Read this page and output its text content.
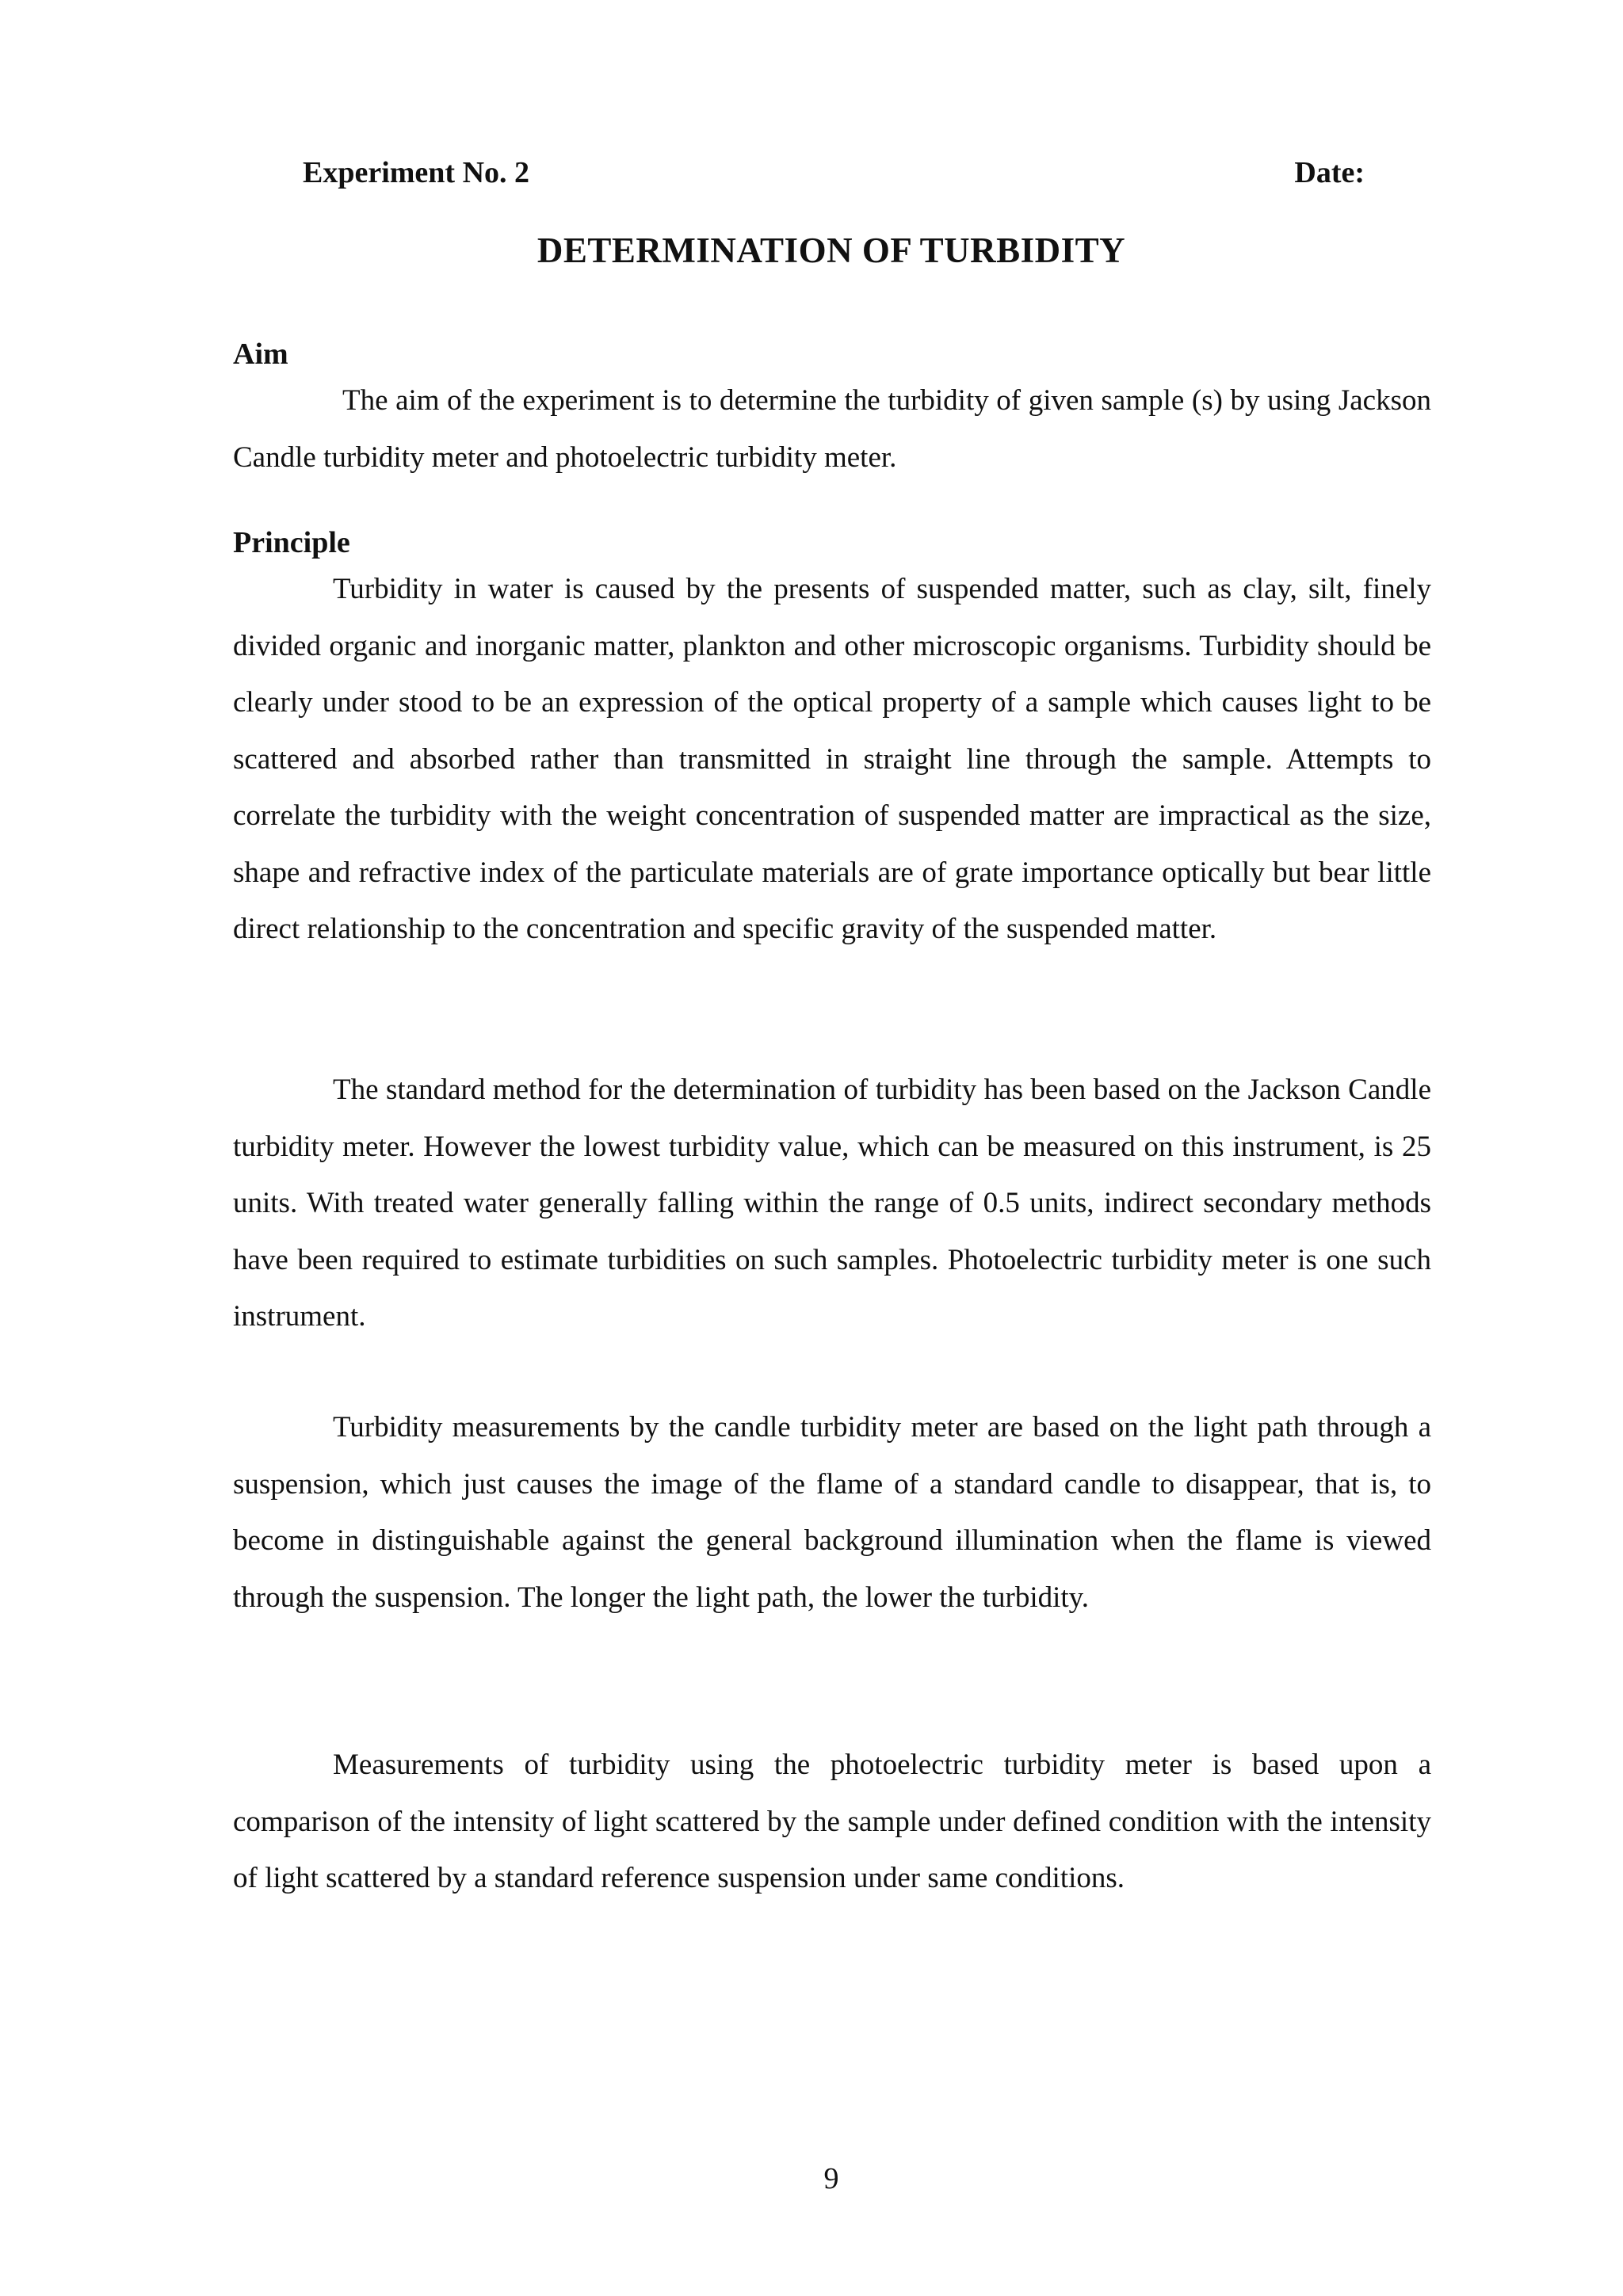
Experiment No. 2	Date:
DETERMINATION OF TURBIDITY
Aim

The aim of the experiment is to determine the turbidity of given sample (s) by using Jackson Candle turbidity meter and photoelectric turbidity meter.

Principle

Turbidity in water is caused by the presents of suspended matter, such as clay, silt, finely divided organic and inorganic matter, plankton and other microscopic organisms. Turbidity should be clearly under stood to be an expression of the optical property of a sample which causes light to be scattered and absorbed rather than transmitted in straight line through the sample. Attempts to correlate the turbidity with the weight concentration of suspended matter are impractical as the size, shape and refractive index of the particulate materials are of grate importance optically but bear little direct relationship to the concentration and specific gravity of the suspended matter.

The standard method for the determination of turbidity has been based on the Jackson Candle turbidity meter. However the lowest turbidity value, which can be measured on this instrument, is 25 units. With treated water generally falling within the range of 0.5 units, indirect secondary methods have been required to estimate turbidities on such samples. Photoelectric turbidity meter is one such instrument.

Turbidity measurements by the candle turbidity meter are based on the light path through a suspension, which just causes the image of the flame of a standard candle to disappear, that is, to become in distinguishable against the general background illumination when the flame is viewed through the suspension. The longer the light path, the lower the turbidity.

Measurements of turbidity using the photoelectric turbidity meter is based upon a comparison of the intensity of light scattered by the sample under defined condition with the intensity of light scattered by a standard reference suspension under same conditions.

9
